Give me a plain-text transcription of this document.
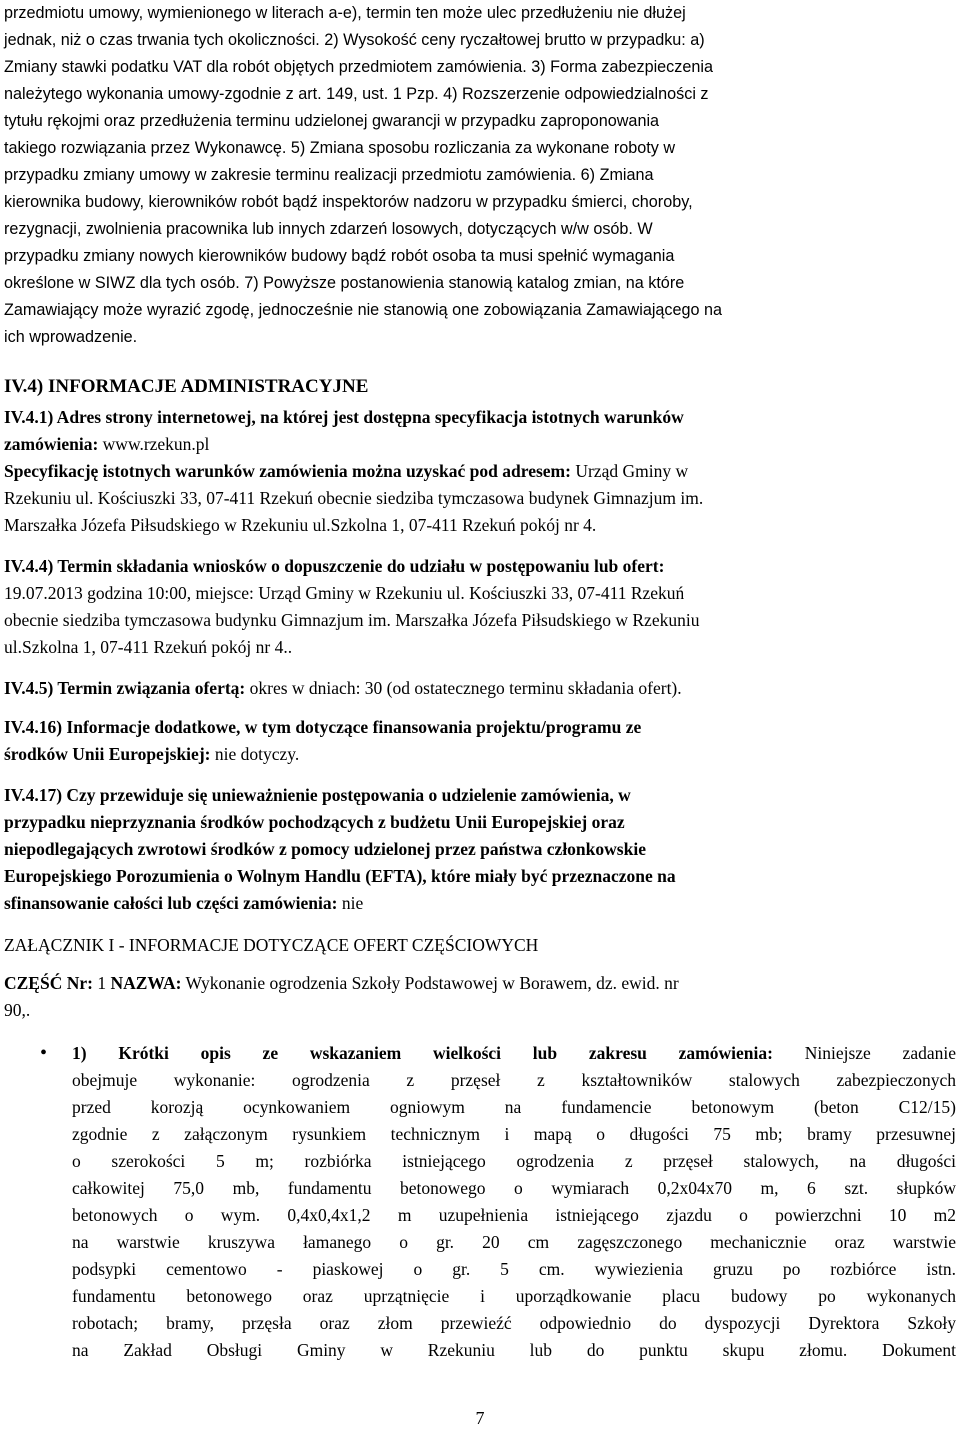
przedmiotu umowy, wymienionego w literach a-e), termin ten może ulec przedłużeniu nie dłużej

jednak, niż o czas trwania tych okoliczności. 2) Wysokość ceny ryczałtowej brutto w przypadku: a)

Zmiany stawki podatku VAT dla robót objętych przedmiotem zamówienia. 3) Forma zabezpieczenia

należytego wykonania umowy-zgodnie z art. 149, ust. 1 Pzp. 4) Rozszerzenie odpowiedzialności z

tytułu rękojmi oraz przedłużenia terminu udzielonej gwarancji w przypadku zaproponowania

takiego rozwiązania przez Wykonawcę. 5) Zmiana sposobu rozliczania za wykonane roboty w

przypadku zmiany umowy w zakresie terminu realizacji przedmiotu zamówienia. 6) Zmiana

kierownika budowy, kierowników robót bądź inspektorów nadzoru w przypadku śmierci, choroby,

rezygnacji, zwolnienia pracownika lub innych zdarzeń losowych, dotyczących w/w osób. W

przypadku zmiany nowych kierowników budowy bądź robót osoba ta musi spełnić wymagania

określone w SIWZ dla tych osób. 7) Powyższe postanowienia stanowią katalog zmian, na które

Zamawiający może wyrazić zgodę, jednocześnie nie stanowią one zobowiązania Zamawiającego na

ich wprowadzenie.

IV.4) INFORMACJE ADMINISTRACYJNE

IV.4.1) Adres strony internetowej, na której jest dostępna specyfikacja istotnych warunków

zamówienia: www.rzekun.pl

Specyfikację istotnych warunków zamówienia można uzyskać pod adresem: Urząd Gminy w

Rzekuniu ul. Kościuszki 33, 07-411 Rzekuń obecnie siedziba tymczasowa budynek Gimnazjum im.

Marszałka Józefa Piłsudskiego w Rzekuniu ul.Szkolna 1, 07-411 Rzekuń pokój nr 4.

IV.4.4) Termin składania wniosków o dopuszczenie do udziału w postępowaniu lub ofert:

19.07.2013 godzina 10:00, miejsce: Urząd Gminy w Rzekuniu ul. Kościuszki 33, 07-411 Rzekuń

obecnie siedziba tymczasowa budynku Gimnazjum im. Marszałka Józefa Piłsudskiego w Rzekuniu

ul.Szkolna 1, 07-411 Rzekuń pokój nr 4..

IV.4.5) Termin związania ofertą: okres w dniach: 30 (od ostatecznego terminu składania ofert).

IV.4.16) Informacje dodatkowe, w tym dotyczące finansowania projektu/programu ze

środków Unii Europejskiej: nie dotyczy.

IV.4.17) Czy przewiduje się unieważnienie postępowania o udzielenie zamówienia, w

przypadku nieprzyznania środków pochodzących z budżetu Unii Europejskiej oraz

niepodlegających zwrotowi środków z pomocy udzielonej przez państwa członkowskie

Europejskiego Porozumienia o Wolnym Handlu (EFTA), które miały być przeznaczone na

sfinansowanie całości lub części zamówienia: nie

ZAŁĄCZNIK I - INFORMACJE DOTYCZĄCE OFERT CZĘŚCIOWYCH

CZĘŚĆ Nr: 1 NAZWA: Wykonanie ogrodzenia Szkoły Podstawowej w Borawem, dz. ewid. nr

90,.

• 1) Krótki opis ze wskazaniem wielkości lub zakresu zamówienia: Niniejsze zadanie

obejmuje wykonanie: ogrodzenia z przęseł z kształtowników stalowych zabezpieczonych

przed korozją ocynkowaniem ogniowym na fundamencie betonowym (beton C12/15)

zgodnie z załączonym rysunkiem technicznym i mapą o długości 75 mb; bramy przesuwnej

o szerokości 5 m; rozbiórka istniejącego ogrodzenia z przęseł stalowych, na długości

całkowitej 75,0 mb, fundamentu betonowego o wymiarach 0,2x04x70 m, 6 szt. słupków

betonowych o wym. 0,4x0,4x1,2 m uzupełnienia istniejącego zjazdu o powierzchni 10 m2

na warstwie kruszywa łamanego o gr. 20 cm zagęszczonego mechanicznie oraz warstwie

podsypki cementowo - piaskowej o gr. 5 cm. wywiezienia gruzu po rozbiórce istn.

fundamentu betonowego oraz uprzątnięcie i uporządkowanie placu budowy po wykonanych

robotach; bramy, przęsła oraz złom przewieźć odpowiednio do dyspozycji Dyrektora Szkoły

na Zakład Obsługi Gminy w Rzekuniu lub do punktu skupu złomu. Dokument

7
